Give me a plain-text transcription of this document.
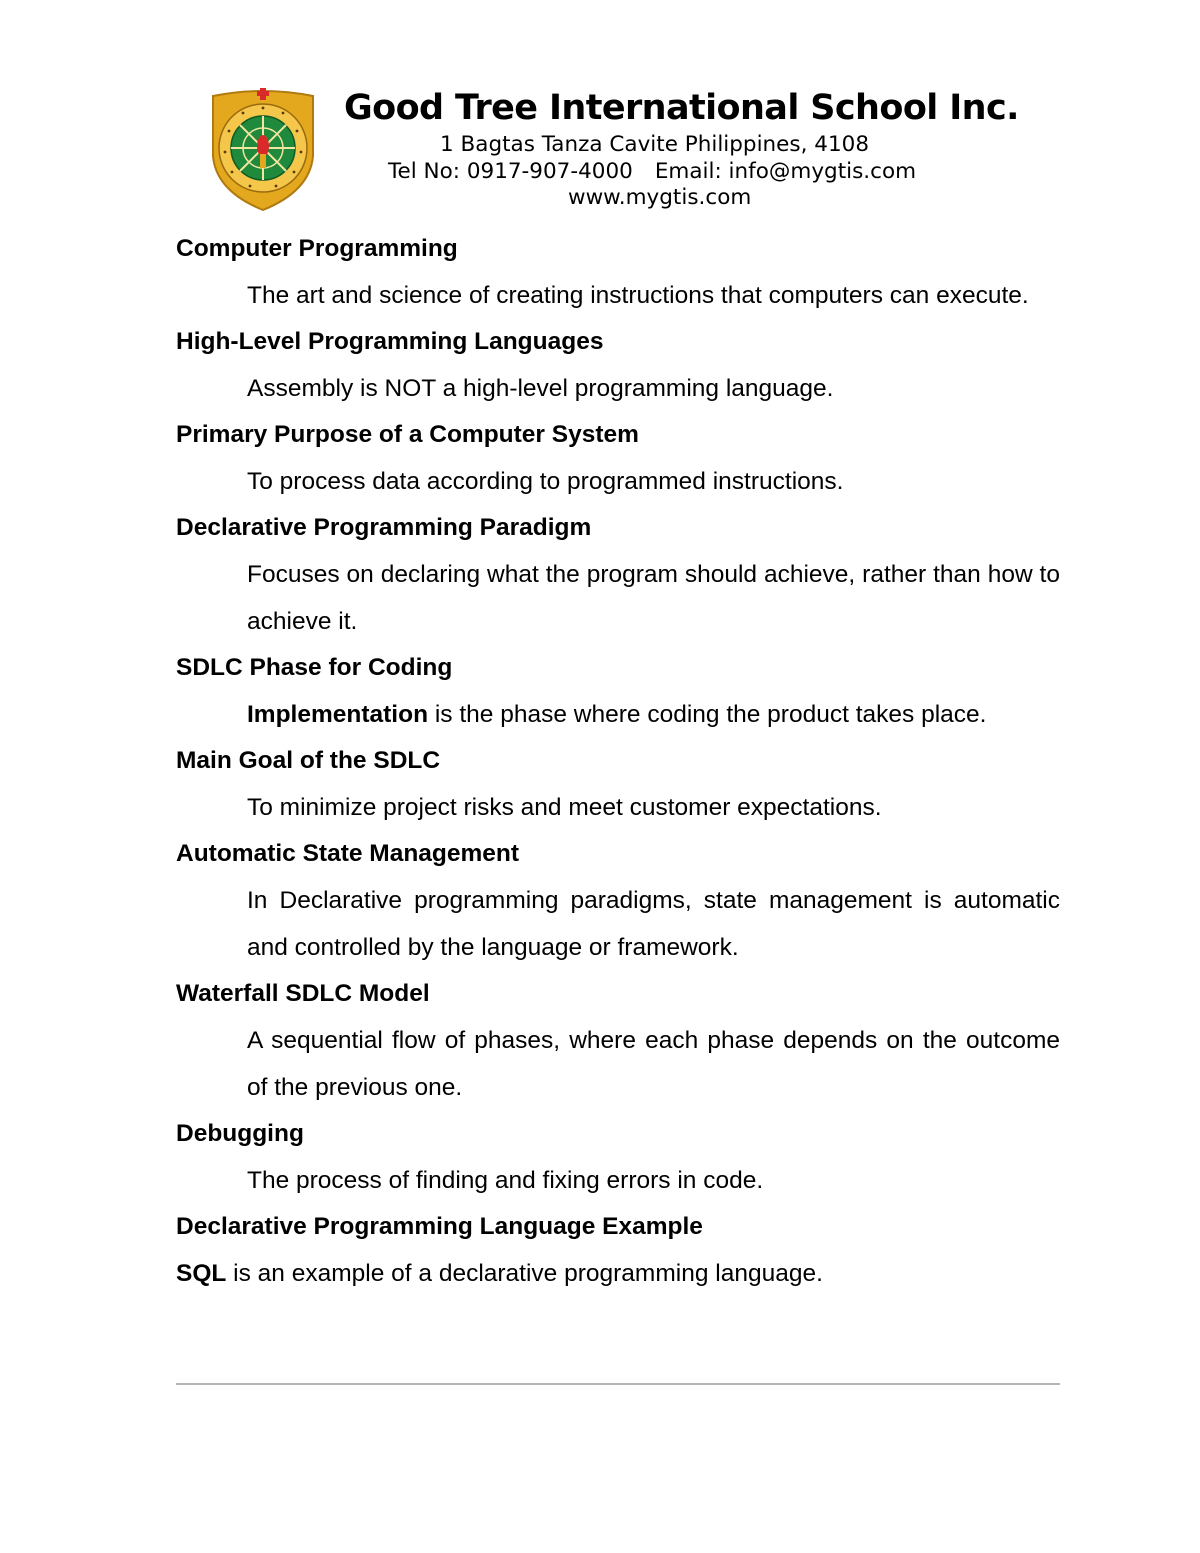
Good Tree International School Inc.
1 Bagtas Tanza Cavite Philippines, 4108
Tel No: 0917-907-4000 Email: info@mygtis.com
www.mygtis.com
Computer Programming
The art and science of creating instructions that computers can execute.
High-Level Programming Languages
Assembly is NOT a high-level programming language.
Primary Purpose of a Computer System
To process data according to programmed instructions.
Declarative Programming Paradigm
Focuses on declaring what the program should achieve, rather than how to achieve it.
SDLC Phase for Coding
Implementation is the phase where coding the product takes place.
Main Goal of the SDLC
To minimize project risks and meet customer expectations.
Automatic State Management
In Declarative programming paradigms, state management is automatic and controlled by the language or framework.
Waterfall SDLC Model
A sequential flow of phases, where each phase depends on the outcome of the previous one.
Debugging
The process of finding and fixing errors in code.
Declarative Programming Language Example
SQL is an example of a declarative programming language.
